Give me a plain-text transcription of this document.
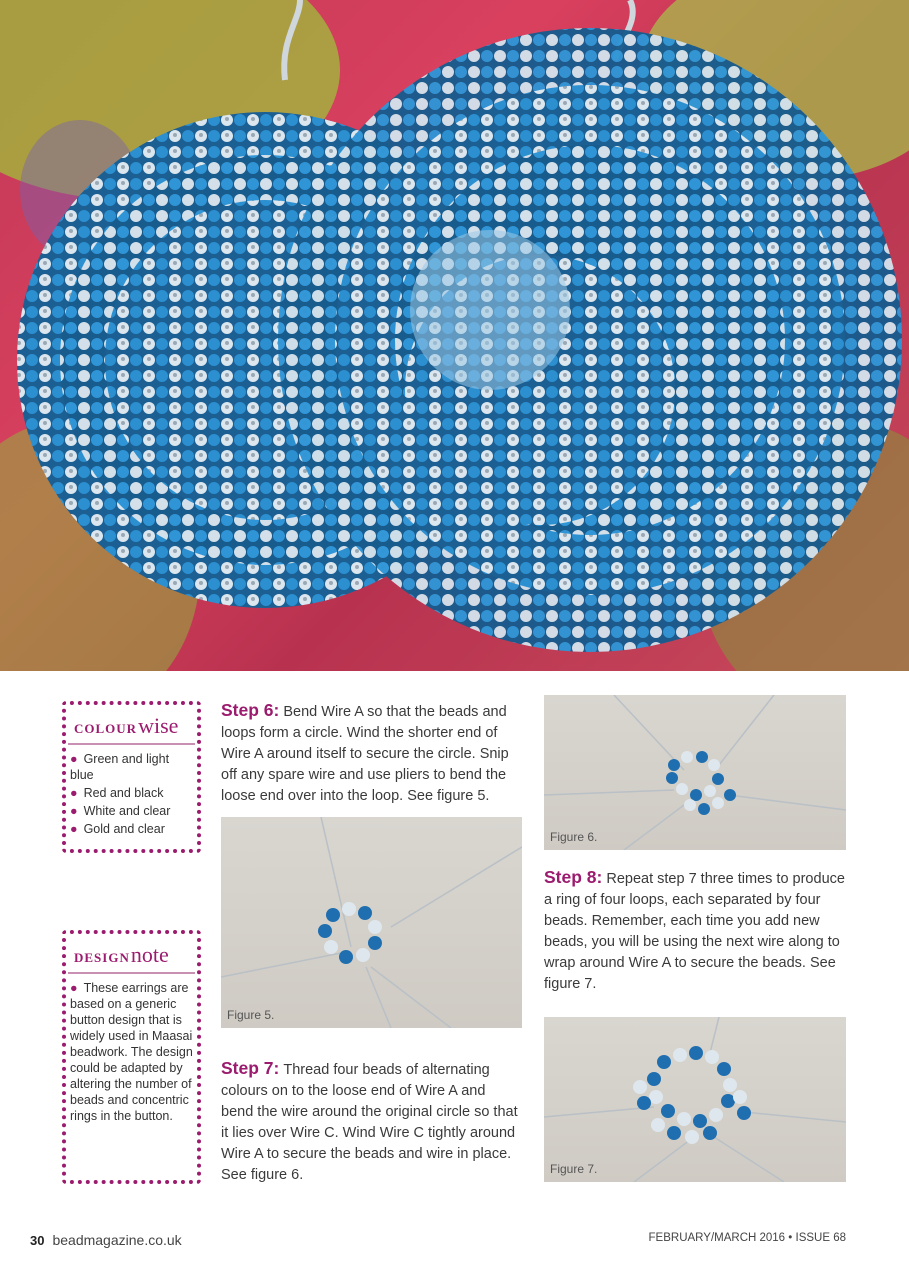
COLOUR wise
● Green and light blue
● Red and black
● White and clear
● Gold and clear
DESIGN note
● These earrings are based on a generic button design that is widely used in Maasai beadwork. The design could be adapted by altering the number of beads and concentric rings in the button.
Step 6: Bend Wire A so that the beads and loops form a circle. Wind the shorter end of Wire A around itself to secure the circle. Snip off any spare wire and use pliers to bend the loose end over into the loop. See figure 5.
Figure 5.
Step 7: Thread four beads of alternating colours on to the loose end of Wire A and bend the wire around the original circle so that it lies over Wire C. Wind Wire C tightly around Wire A to secure the beads and wire in place. See figure 6.
Figure 6.
Step 8: Repeat step 7 three times to produce a ring of four loops, each separated by four beads. Remember, each time you add new beads, you will be using the next wire along to wrap around Wire A to secure the beads. See figure 7.
Figure 7.
30 beadmagazine.co.uk	FEBRUARY/MARCH 2016 • ISSUE 68
